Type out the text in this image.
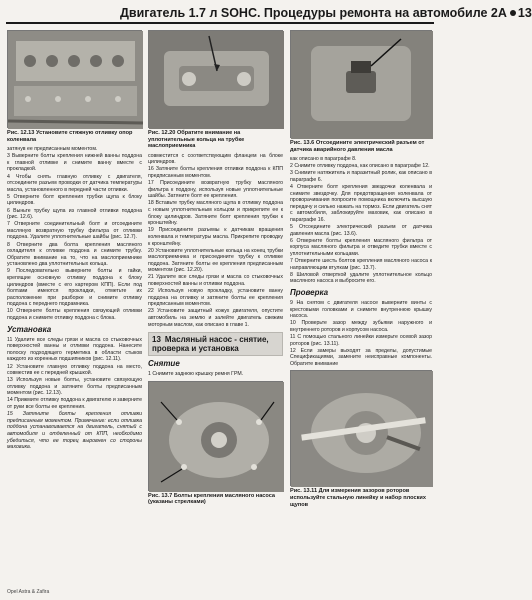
Двигатель 1.7 л SOHC. Процедуры ремонта на автомобиле 2A 13
Рис. 12.13 Установите стяжную отливку опор коленвала
затянув ее предписанным моментом.
3 Выверните болты крепления нижней ванны поддона к главной отливке и снимите ванну вместе с прокладкой.
4 Чтобы снять главную отливку с двигателя, отсоедините разъем проводки от датчика температуры масла, установленного в передней части отливки.
5 Отверните болт крепления трубки щупа к блоку цилиндров.
6 Выньте трубку щупа из главной отливки поддона (рис. 12.6).
7 Отверните соединительный болт и отсоедините масляную возвратную трубку фильтра от отливки поддона. Удалите уплотнительные шайбы (рис. 12.7).
8 Отверните два болта крепления масляного охладителя к отливке поддона и снимите трубку. Обратите внимание на то, что на маслоприемнике установлено два уплотнительных кольца.
9 Последовательно выверните болты и гайки, крепящие основную отливку поддона к блоку цилиндров (вместе с его картером КПП). Если под болтами имеются прокладки, отметьте их расположение при разборке и снимите отливку поддона с переднего подрамника.
10 Отверните болты крепления связующей отливки поддона и снимите отливку поддона с блока.
Установка
11 Удалите все следы грязи и масла со стыковочных поверхностей ванны и отливки поддона. Нанесите полоску подходящего герметика в области стыков каждого из коренных подшипников (рис. 12.11).
12 Установите главную отливку поддона на место, совместив ее с передней крышкой.
13 Используя новые болты, установите связующую отливку поддона и затяните болты предписанным моментом (рис. 12.13).
14 Прижмите отливку поддона к двигателю и заверните от руки все болты ее крепления.
15 Затяните болты крепления отливки предписанным моментом. Примечание: если отливка поддона устанавливается на двигатель, снятый с автомобиля и отделенный от КПП, необходимо убедиться, что ее торец выровнен со стороны маховика.
Рис. 12.20 Обратите внимание на уплотнительные кольца на трубке маслоприемника
совместится с соответствующим фланцем на блоке цилиндров.
16 Затяните болты крепления отливки поддона к КПП предписанным моментом.
17 Присоедините возвратную трубку масляного фильтра к поддону, используя новые уплотнительные шайбы. Затяните болт ее крепления.
18 Вставьте трубку масляного щупа в отливку поддона с новым уплотнительным кольцом и прикрепите ее к блоку цилиндров. Затяните болт крепления трубки к кронштейну.
19 Присоедините разъемы к датчикам вращения коленвала и температуры масла. Прикрепите проводку к кронштейну.
20 Установите уплотнительные кольца на конец трубки маслоприемника и присоедините трубку к отливке поддона. Затяните болты ее крепления предписанным моментом (рис. 12.20).
21 Удалите все следы грязи и масла со стыковочных поверхностей ванны и отливки поддона.
22 Используя новую прокладку, установите ванну поддона на отливку и затяните болты ее крепления предписанным моментом.
23 Установите защитный кожух двигателя, опустите автомобиль на землю и залейте двигатель свежим моторным маслом, как описано в главе 1.
13 Масляный насос - снятие, проверка и установка
Снятие
1 Снимите заднюю крышку ремня ГРМ.
Рис. 13.7 Болты крепления масляного насоса (указаны стрелками)
Рис. 13.6 Отсоедините электрический разъем от датчика аварийного давления масла
как описано в параграфе 8.
2 Снимите отливку поддона, как описано в параграфе 12.
3 Снимите натяжитель и паразитный ролик, как описано в параграфе 6.
4 Отверните болт крепления звездочки коленвала и снимите звездочку. Для предотвращения коленвала от проворачивания попросите помощника включить высшую передачу и сильно нажать на тормоз. Если двигатель снят с автомобиля, заблокируйте маховик, как описано в параграфе 16.
5 Отсоедините электрический разъем от датчика давления масла (рис. 13.6).
6 Отверните болты крепления масляного фильтра от корпуса масляного фильтра и отведите трубки вместе с уплотнительными кольцами.
7 Отверните шесть болтов крепления масляного насоса к направляющим втулкам (рис. 13.7).
8 Шиловой отверткой удалите уплотнительное кольцо масляного насоса и выбросите его.
Проверка
9 На снятом с двигателя насосе выверните винты с крестовыми головками и снимите внутреннюю крышку насоса.
10 Проверьте зазор между зубьями наружного и внутреннего роторов и корпусом насоса.
11 С помощью стального линейки измерьте осевой зазор роторов (рис. 13.11).
12 Если замеры выходят за пределы, допустимые Спецификациями, замените неисправные компоненты. Обратите внимание
Рис. 13.11 Для измерения зазоров роторов используйте стальную линейку и набор плоских щупов
Opel Astra & Zafira
